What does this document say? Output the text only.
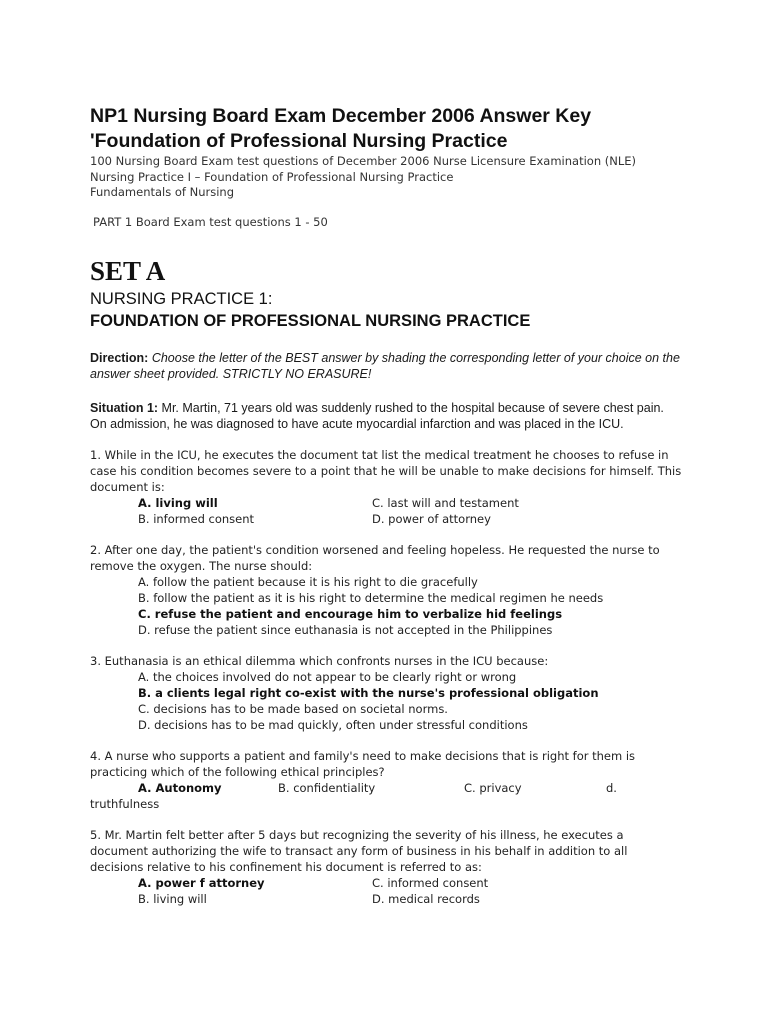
NP1 Nursing Board Exam December 2006 Answer Key
'Foundation of Professional Nursing Practice
100 Nursing Board Exam test questions of December 2006 Nurse Licensure Examination (NLE)
Nursing Practice I – Foundation of Professional Nursing Practice
Fundamentals of Nursing
PART 1 Board Exam test questions 1 - 50
SET A
NURSING PRACTICE 1:
FOUNDATION OF PROFESSIONAL NURSING PRACTICE
Direction: Choose the letter of the BEST answer by shading the corresponding letter of your choice on the answer sheet provided. STRICTLY NO ERASURE!
Situation 1: Mr. Martin, 71 years old was suddenly rushed to the hospital because of severe chest pain. On admission, he was diagnosed to have acute myocardial infarction and was placed in the ICU.
1. While in the ICU, he executes the document tat list the medical treatment he chooses to refuse in case his condition becomes severe to a point that he will be unable to make decisions for himself. This document is:
A. living will	C. last will and testament
B. informed consent	D. power of attorney
2. After one day, the patient's condition worsened and feeling hopeless. He requested the nurse to remove the oxygen. The nurse should:
A. follow the patient because it is his right to die gracefully
B. follow the patient as it is his right to determine the medical regimen he needs
C. refuse the patient and encourage him to verbalize hid feelings
D. refuse the patient since euthanasia is not accepted in the Philippines
3. Euthanasia is an ethical dilemma which confronts nurses in the ICU because:
A. the choices involved do not appear to be clearly right or wrong
B. a clients legal right co-exist with the nurse's professional obligation
C. decisions has to be made based on societal norms.
D. decisions has to be mad quickly, often under stressful conditions
4. A nurse who supports a patient and family's need to make decisions that is right for them is practicing which of the following ethical principles?
A. Autonomy	B. confidentiality	C. privacy	d.
truthfulness
5. Mr. Martin felt better after 5 days but recognizing the severity of his illness, he executes a document authorizing the wife to transact any form of business in his behalf in addition to all decisions relative to his confinement his document is referred to as:
A. power f attorney	C. informed consent
B. living will	D. medical records
